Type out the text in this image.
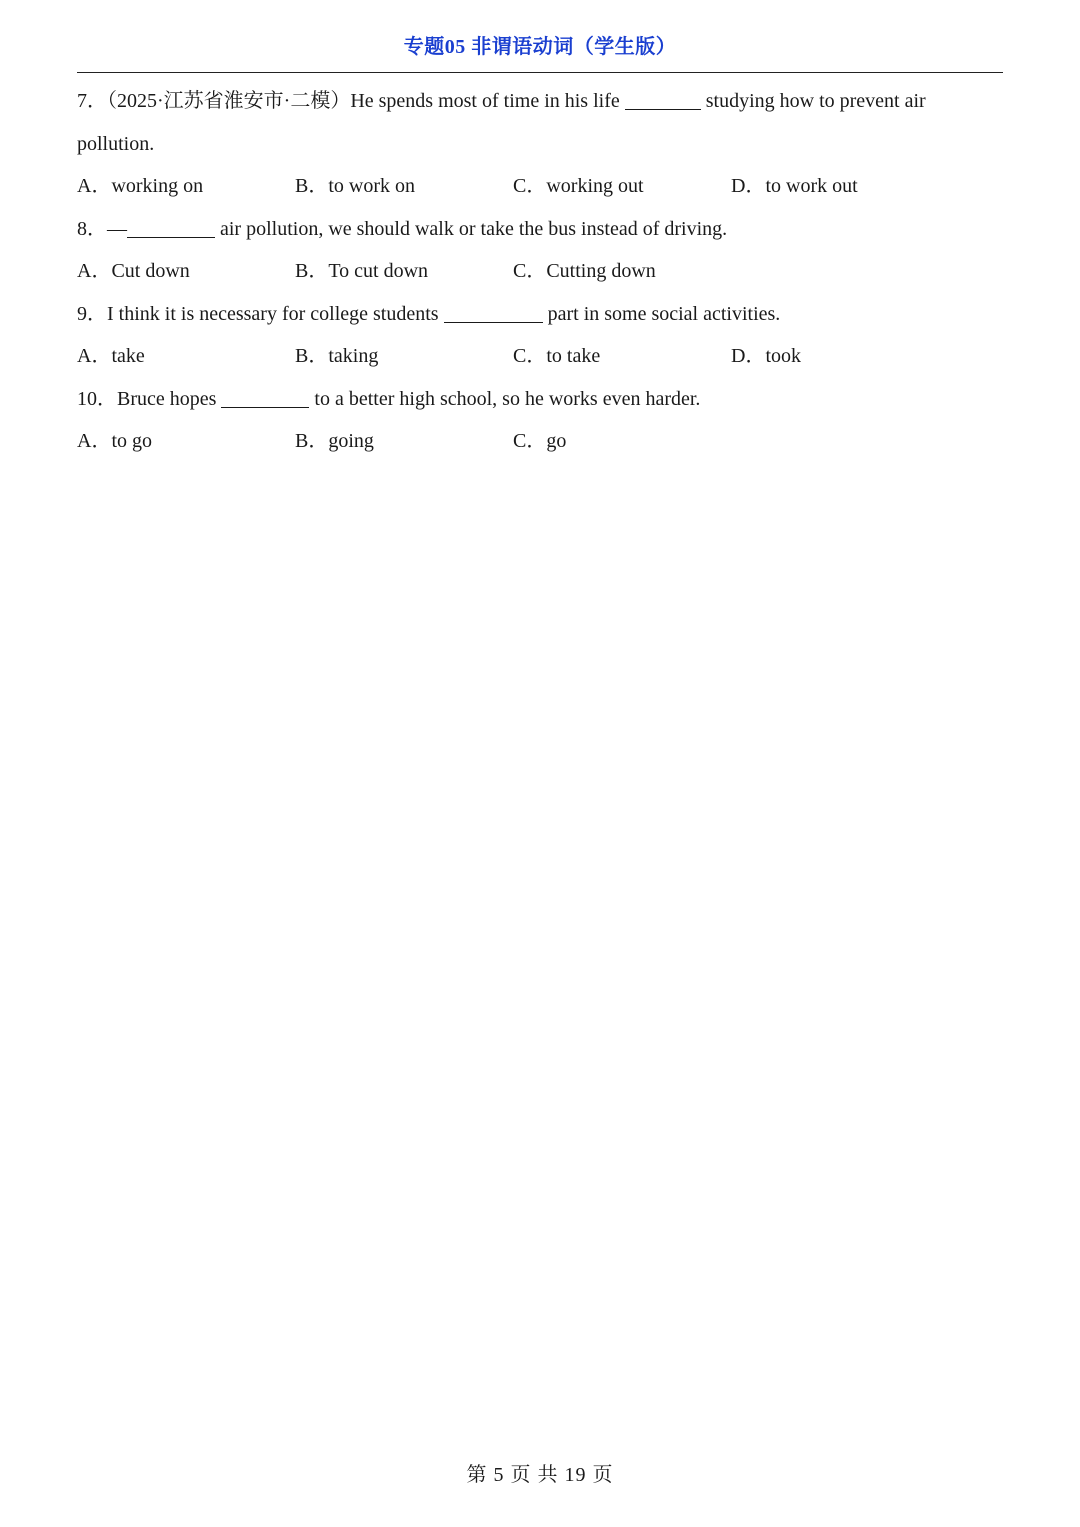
专题05 非谓语动词（学生版）

7．（2025·江苏省淮安市·二模）He spends most of time in his life	studying how to prevent air pollution.

A．working on	B．to work on	C．working out	D．to work out

8．—	air pollution, we should walk or take the bus instead of driving.

A．Cut down	B．To cut down	C．Cutting down

9．I think it is necessary for college students	part in some social activities.

A．take	B．taking	C．to take	D．took

10．Bruce hopes	to a better high school, so he works even harder.

A．to go	B．going	C．go
第 5 页 共 19 页
